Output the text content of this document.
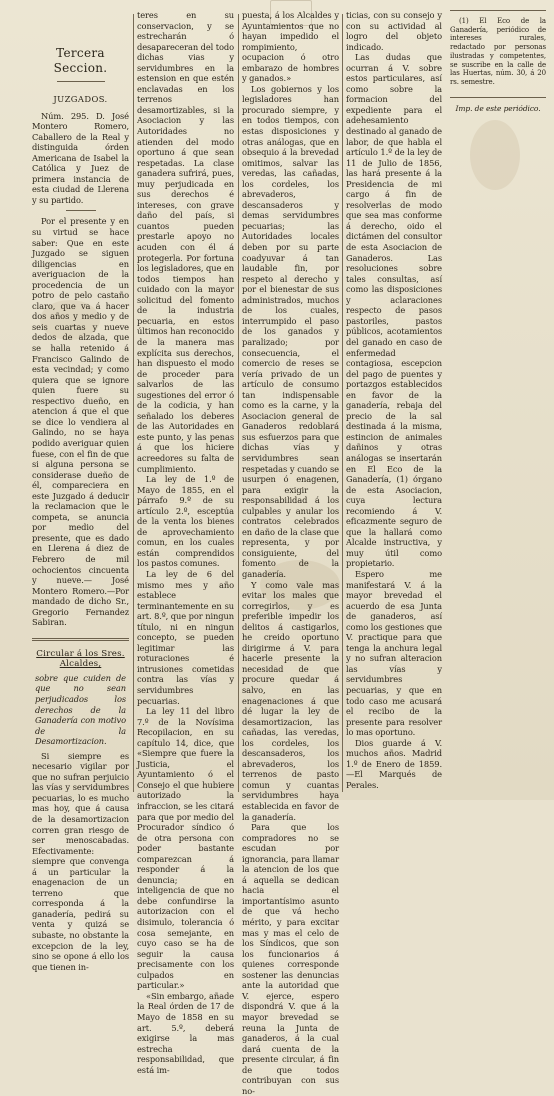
Tercera Seccion.
JUZGADOS.

Núm. 295. D. José Montero Romero, Caballero de la Real y distinguida órden Americana de Isabel la Católica y Juez de primera instancia de esta ciudad de Llerena y su partido.

Por el presente y en su virtud se hace saber: Que en este Juzgado se siguen diligencias en averiguacion de la procedencia de un potro de pelo castaño claro, que va á hacer dos años y medio y de seis cuartas y nueve dedos de alzada, que se halla retenido á Francisco Galindo de esta vecindad; y como quiera que se ignore quien fuere su respectivo dueño, en atencion á que el que se dice lo vendiera al Galindo, no se haya podido averiguar quien fuese, con el fin de que si alguna persona se considerase dueño de él, compareciera en este Juzgado á deducir la reclamacion que le competa, se anuncia por medio del presente, que es dado en Llerena á diez de Febrero de mil ochocientos cincuenta y nueve.— José Montero Romero.—Por mandado de dicho Sr., Gregorio Fernandez Sabiran.

Circular á los Sres. Alcaldes,
sobre que cuiden de que no sean perjudicados los derechos de la Ganadería con motivo de la Desamortizacion.

Si siempre es necesario vigilar por que no sufran perjuicio las vías y servidumbres pecuarias, lo es mucho mas hoy, que á causa de la desamortizacion corren gran riesgo de ser menoscabadas. Efectivamente: siempre que convenga á un particular la enagenacion de un terreno que corresponda á la ganadería, pedirá su venta y quizá se subaste, no obstante la excepcion de la ley, sino se opone á ello los que tienen in-

teres en su conservacion, y se estrecharán ó desapareceran del todo dichas vias y servidumbres en la estension en que estén enclavadas en los terrenos desamortizables, si la Asociacion y las Autoridades no atienden del modo oportuno á que sean respetadas. La clase ganadera sufrirá, pues, muy perjudicada en sus derechos é intereses, con grave daño del país, si cuantos pueden prestarle apoyo no acuden con él á protegerla. Por fortuna los legisladores, que en todos tiempos han cuidado con la mayor solicitud del fomento de la industria pecuaria, en estos últimos han reconocido de la manera mas explícita sus derechos, han dispuesto el modo de proceder para salvarlos de las sugestiones del error ó de la codicia, y han señalado los deberes de las Autoridades en este punto, y las penas á que los hiciere acreedores su falta de cumplimiento.

La ley de 1.º de Mayo de 1855, en el párrafo 9.º de su artículo 2.º, esceptúa de la venta los bienes de aprovechamiento comun, en los cuales están comprendidos los pastos comunes.

La ley de 6 del mismo mes y año establece terminantemente en su art. 8.º, que por ningun título, ni en ningun concepto, se pueden legitimar las roturaciones é intrusiones cometidas contra las vías y servidumbres pecuarias.

La ley 11 del libro 7.º de la Novísima Recopilacion, en su capítulo 14, dice, que «Siempre que fuere la Justicia, el Ayuntamiento ó el Consejo el que hubiere autorizado la infraccion, se les citará para que por medio del Procurador síndico ó de otra persona con poder bastante comparezcan á responder á la denuncia; en inteligencia de que no debe confundirse la autorizacion con el disimulo, tolerancia ó cosa semejante, en cuyo caso se ha de seguir la causa precisamente con los culpados en particular.»

«Sin embargo, añade la Real órden de 17 de Mayo de 1858 en su art. 5.º, deberá exigirse la mas estrecha responsabilidad, que está im-

puesta, á los Alcaldes y Ayuntamientos que no hayan impedido el rompimiento, ocupacion ó otro embarazo de hombres y ganados.»

Los gobiernos y los legisladores han procurado siempre, y en todos tiempos, con estas disposiciones y otras análogas, que en obsequio á la brevedad omitimos, salvar las veredas, las cañadas, los cordeles, los abrevaderos, descansaderos y demas servidumbres pecuarias; las Autoridades locales deben por su parte coadyuvar á tan laudable fin, por respeto al derecho y por el bienestar de sus administrados, muchos de los cuales, interrumpido el paso de los ganados y paralizado; por consecuencia, el comercio de reses se vería privado de un artículo de consumo tan indispensable como es la carne, y la Asociacion general de Ganaderos redoblará sus esfuerzos para que dichas vías y servidumbres sean respetadas y cuando se usurpen ó enagenen, para exigir la responsabilidad á los culpables y anular los contratos celebrados en daño de la clase que representa, y por consiguiente, del fomento de la ganadería.

Y como vale mas evitar los males que corregirlos, y es preferible impedir los delitos á castigarlos, he creido oportuno dirigirme á V. para hacerle presente la necesidad de que procure quedar á salvo, en las enagenaciones á que dé lugar la ley de desamortizacion, las cañadas, las veredas, los cordeles, los descansaderos, los abrevaderos, los terrenos de pasto comun y cuantas servidumbres haya establecida en favor de la ganadería.

Para que los compradores no se escudan por ignorancia, para llamar la atencion de los que á aquella se dedican hacia el importantísimo asunto de que vá hecho mérito, y para excitar mas y mas el celo de los Síndicos, que son los funcionarios á quienes corresponde sostener las denuncias ante la autoridad que V. ejerce, espero dispondrá V. que á la mayor brevedad se reuna la Junta de ganaderos, á la cual dará cuenta de la presente circular, á fin de que todos contribuyan con sus no-

ticias, con su consejo y con su actividad al logro del objeto indicado.

Las dudas que ocurran á V. sobre estos particulares, así como sobre la formacion del expediente para el adehesamiento destinado al ganado de labor, de que habla el artículo 1.º de la ley de 11 de Julio de 1856, las hará presente á la Presidencia de mi cargo á fin de resolverlas de modo que sea mas conforme á derecho, oido el dictámen del consultor de esta Asociacion de Ganaderos. Las resoluciones sobre tales consultas, así como las disposiciones y aclaraciones respecto de pasos pastoriles, pastos públicos, acotamientos del ganado en caso de enfermedad contagiosa, escepcion del pago de puentes y portazgos establecidos en favor de la ganadería, rebaja del precio de la sal destinada á la misma, estincion de animales dañinos y otras análogas se insertarán en El Eco de la Ganadería, (1) órgano de esta Asociacion, cuya lectura recomiendo á V. eficazmente seguro de que la hallará como Alcalde instructiva, y muy útil como propietario.

Espero me manifestará V. á la mayor brevedad el acuerdo de esa Junta de ganaderos, así como los gestiones que V. practique para que tenga la anchura legal y no sufran alteracion las vías y servidumbres pecuarias, y que en todo caso me acusará el recibo de la presente para resolver lo mas oportuno.

Dios guarde á V. muchos años. Madrid 1.º de Enero de 1859.—El Marqués de Perales.

(1) El Eco de la Ganadería, periódico de intereses rurales, redactado por personas ilustradas y competentes, se suscribe en la calle de las Huertas, núm. 30, á 20 rs. semestre.

Imp. de este periódico.
